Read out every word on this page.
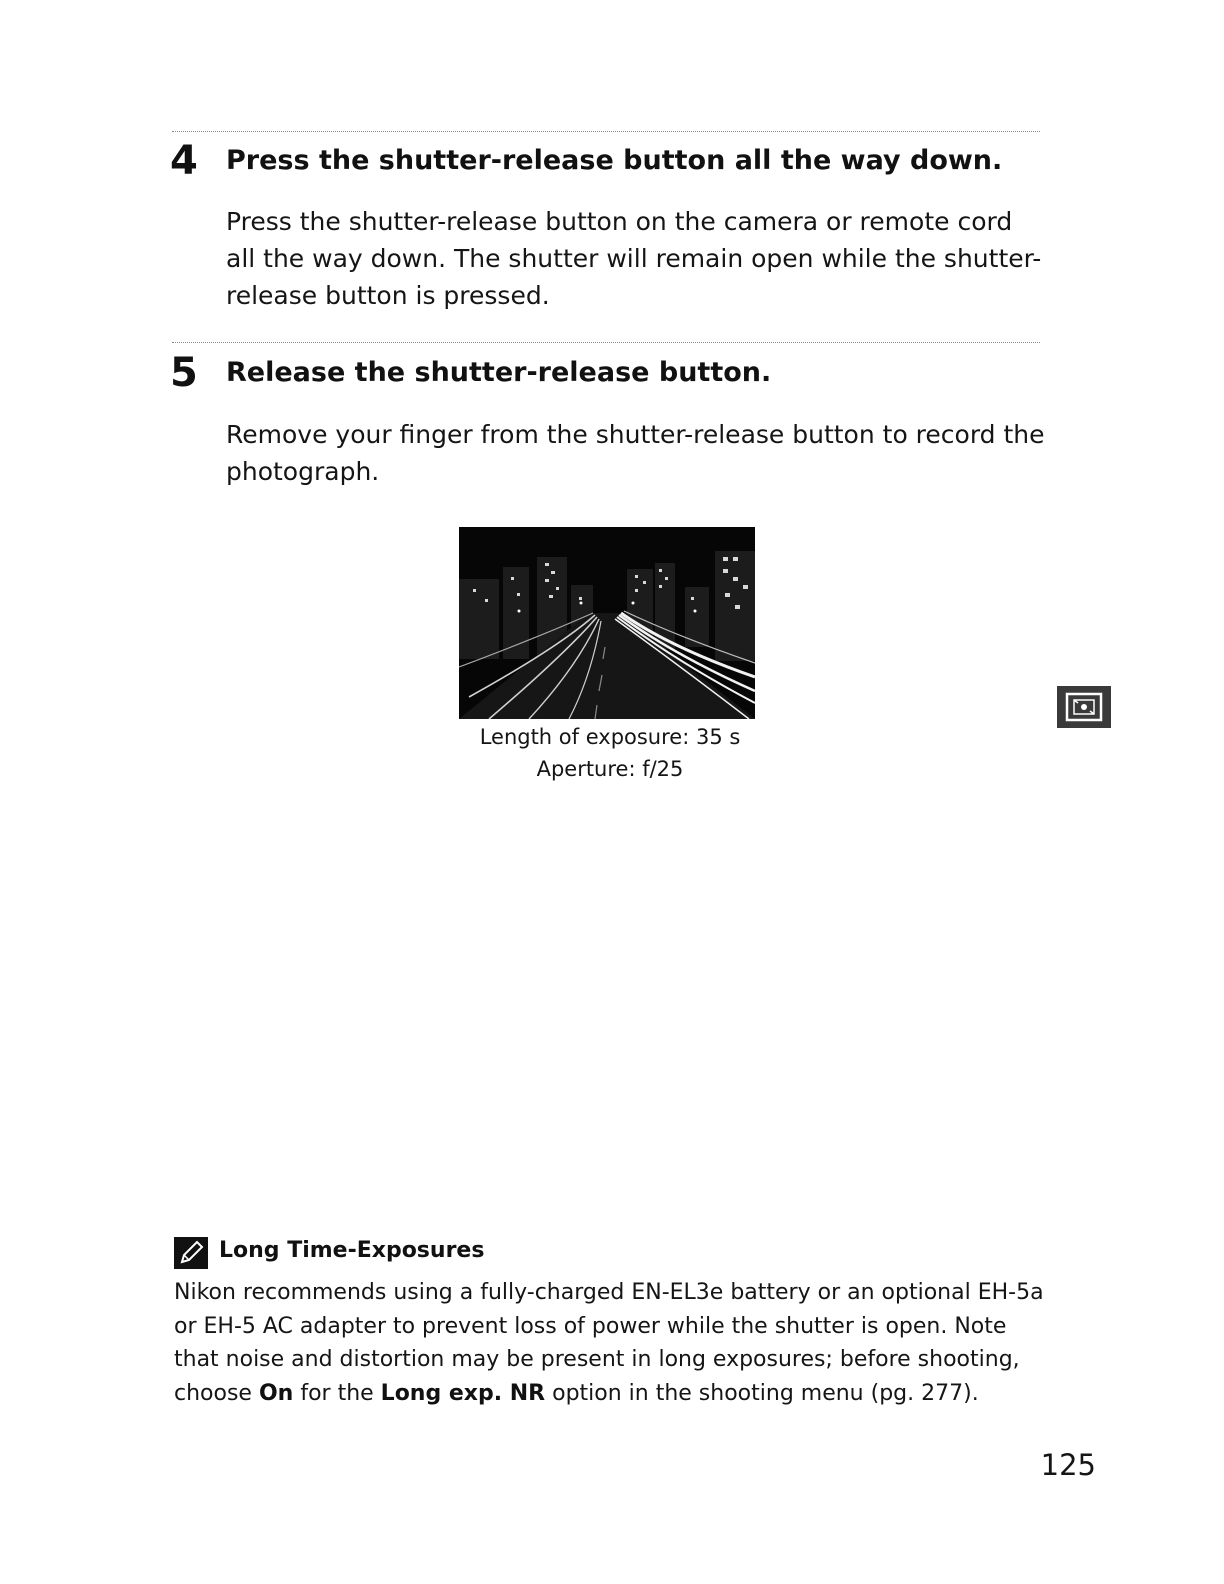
4 Press the shutter-release button all the way down.
Press the shutter-release button on the camera or remote cord all the way down. The shutter will remain open while the shutter-release button is pressed.
5 Release the shutter-release button.
Remove your finger from the shutter-release button to record the photograph.
Length of exposure: 35 s
Aperture: f/25
Long Time-Exposures
Nikon recommends using a fully-charged EN-EL3e battery or an optional EH-5a or EH-5 AC adapter to prevent loss of power while the shutter is open. Note that noise and distortion may be present in long exposures; before shooting, choose On for the Long exp. NR option in the shooting menu (pg. 277).
125
